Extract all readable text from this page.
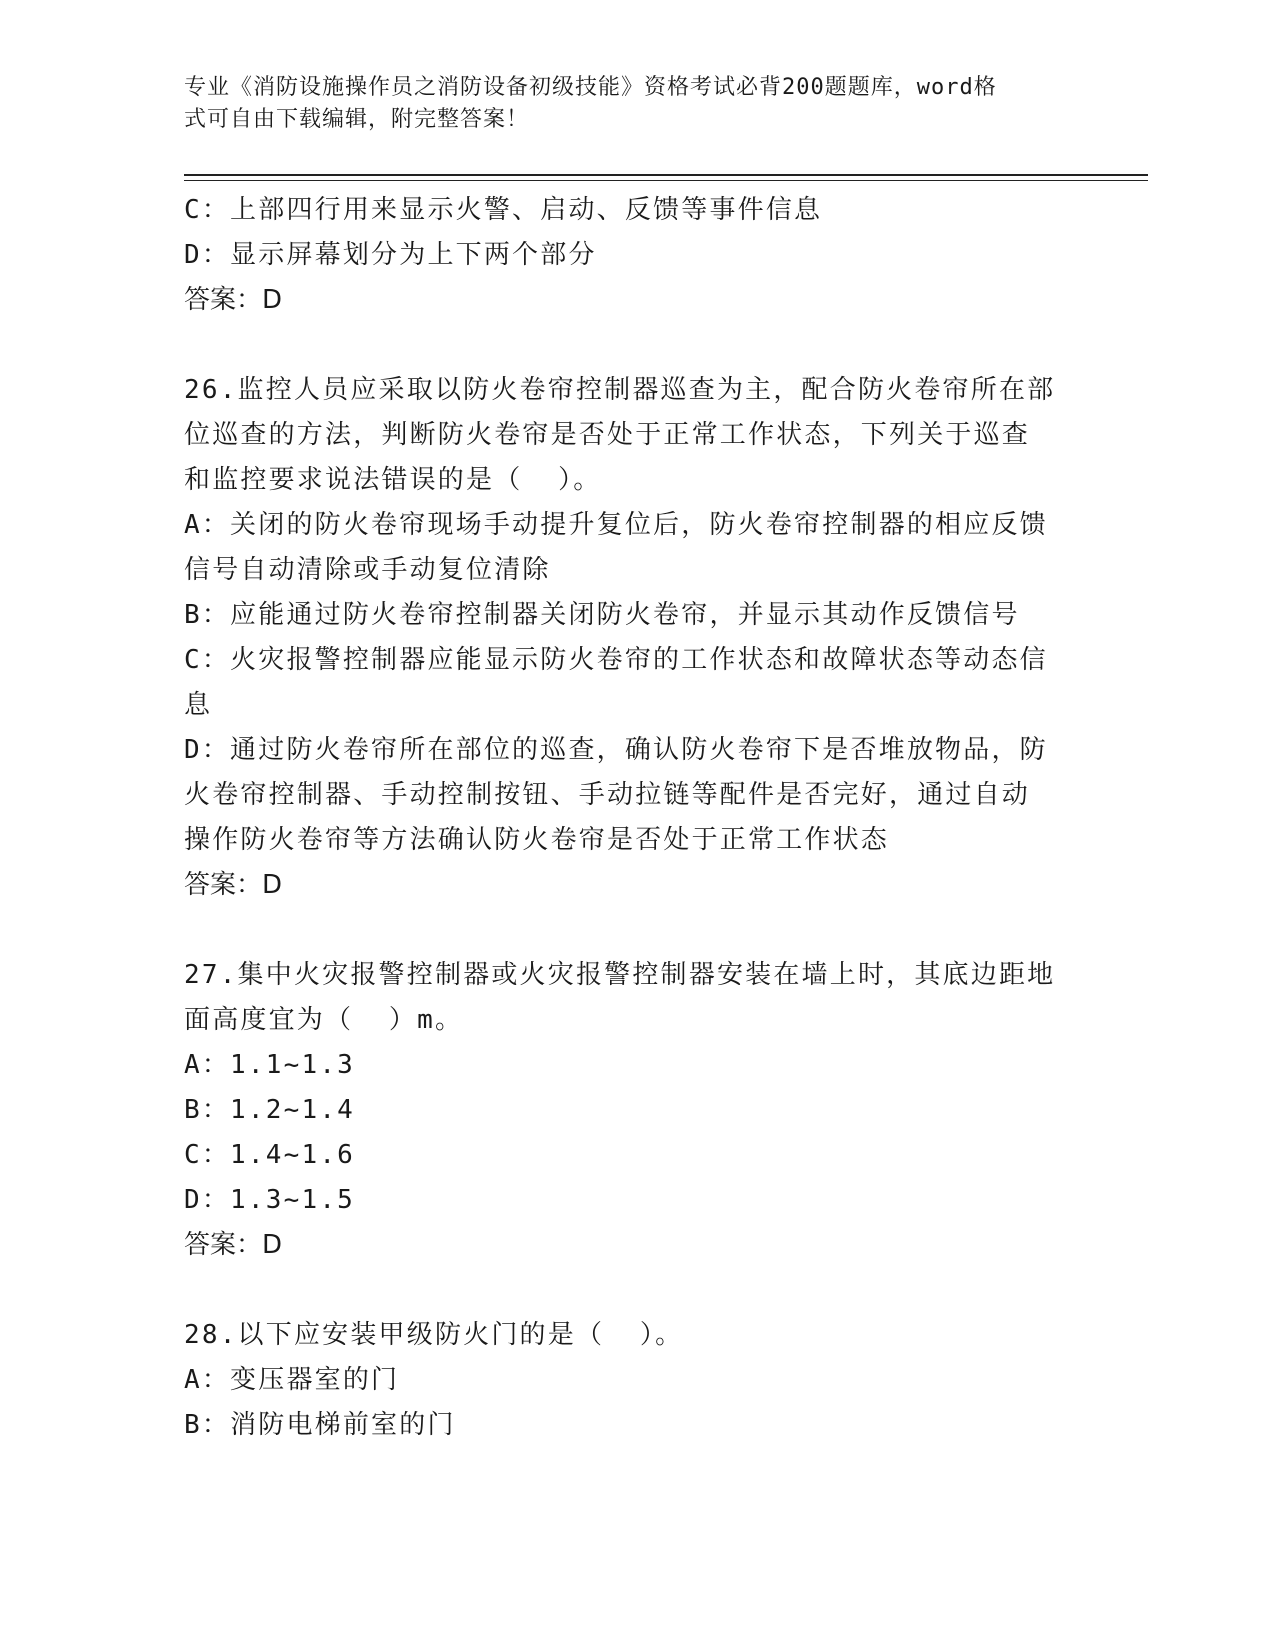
专业《消防设施操作员之消防设备初级技能》资格考试必背200题题库，word格
式可自由下载编辑，附完整答案！
C：上部四行用来显示火警、启动、反馈等事件信息
D：显示屏幕划分为上下两个部分
答案：D
26.监控人员应采取以防火卷帘控制器巡查为主，配合防火卷帘所在部
位巡查的方法，判断防火卷帘是否处于正常工作状态，下列关于巡查
和监控要求说法错误的是（  ）。
A：关闭的防火卷帘现场手动提升复位后，防火卷帘控制器的相应反馈
信号自动清除或手动复位清除
B：应能通过防火卷帘控制器关闭防火卷帘，并显示其动作反馈信号
C：火灾报警控制器应能显示防火卷帘的工作状态和故障状态等动态信
息
D：通过防火卷帘所在部位的巡查，确认防火卷帘下是否堆放物品，防
火卷帘控制器、手动控制按钮、手动拉链等配件是否完好，通过自动
操作防火卷帘等方法确认防火卷帘是否处于正常工作状态
答案：D
27.集中火灾报警控制器或火灾报警控制器安装在墙上时，其底边距地
面高度宜为（  ）m。
A：1.1~1.3
B：1.2~1.4
C：1.4~1.6
D：1.3~1.5
答案：D
28.以下应安装甲级防火门的是（  ）。
A：变压器室的门
B：消防电梯前室的门
